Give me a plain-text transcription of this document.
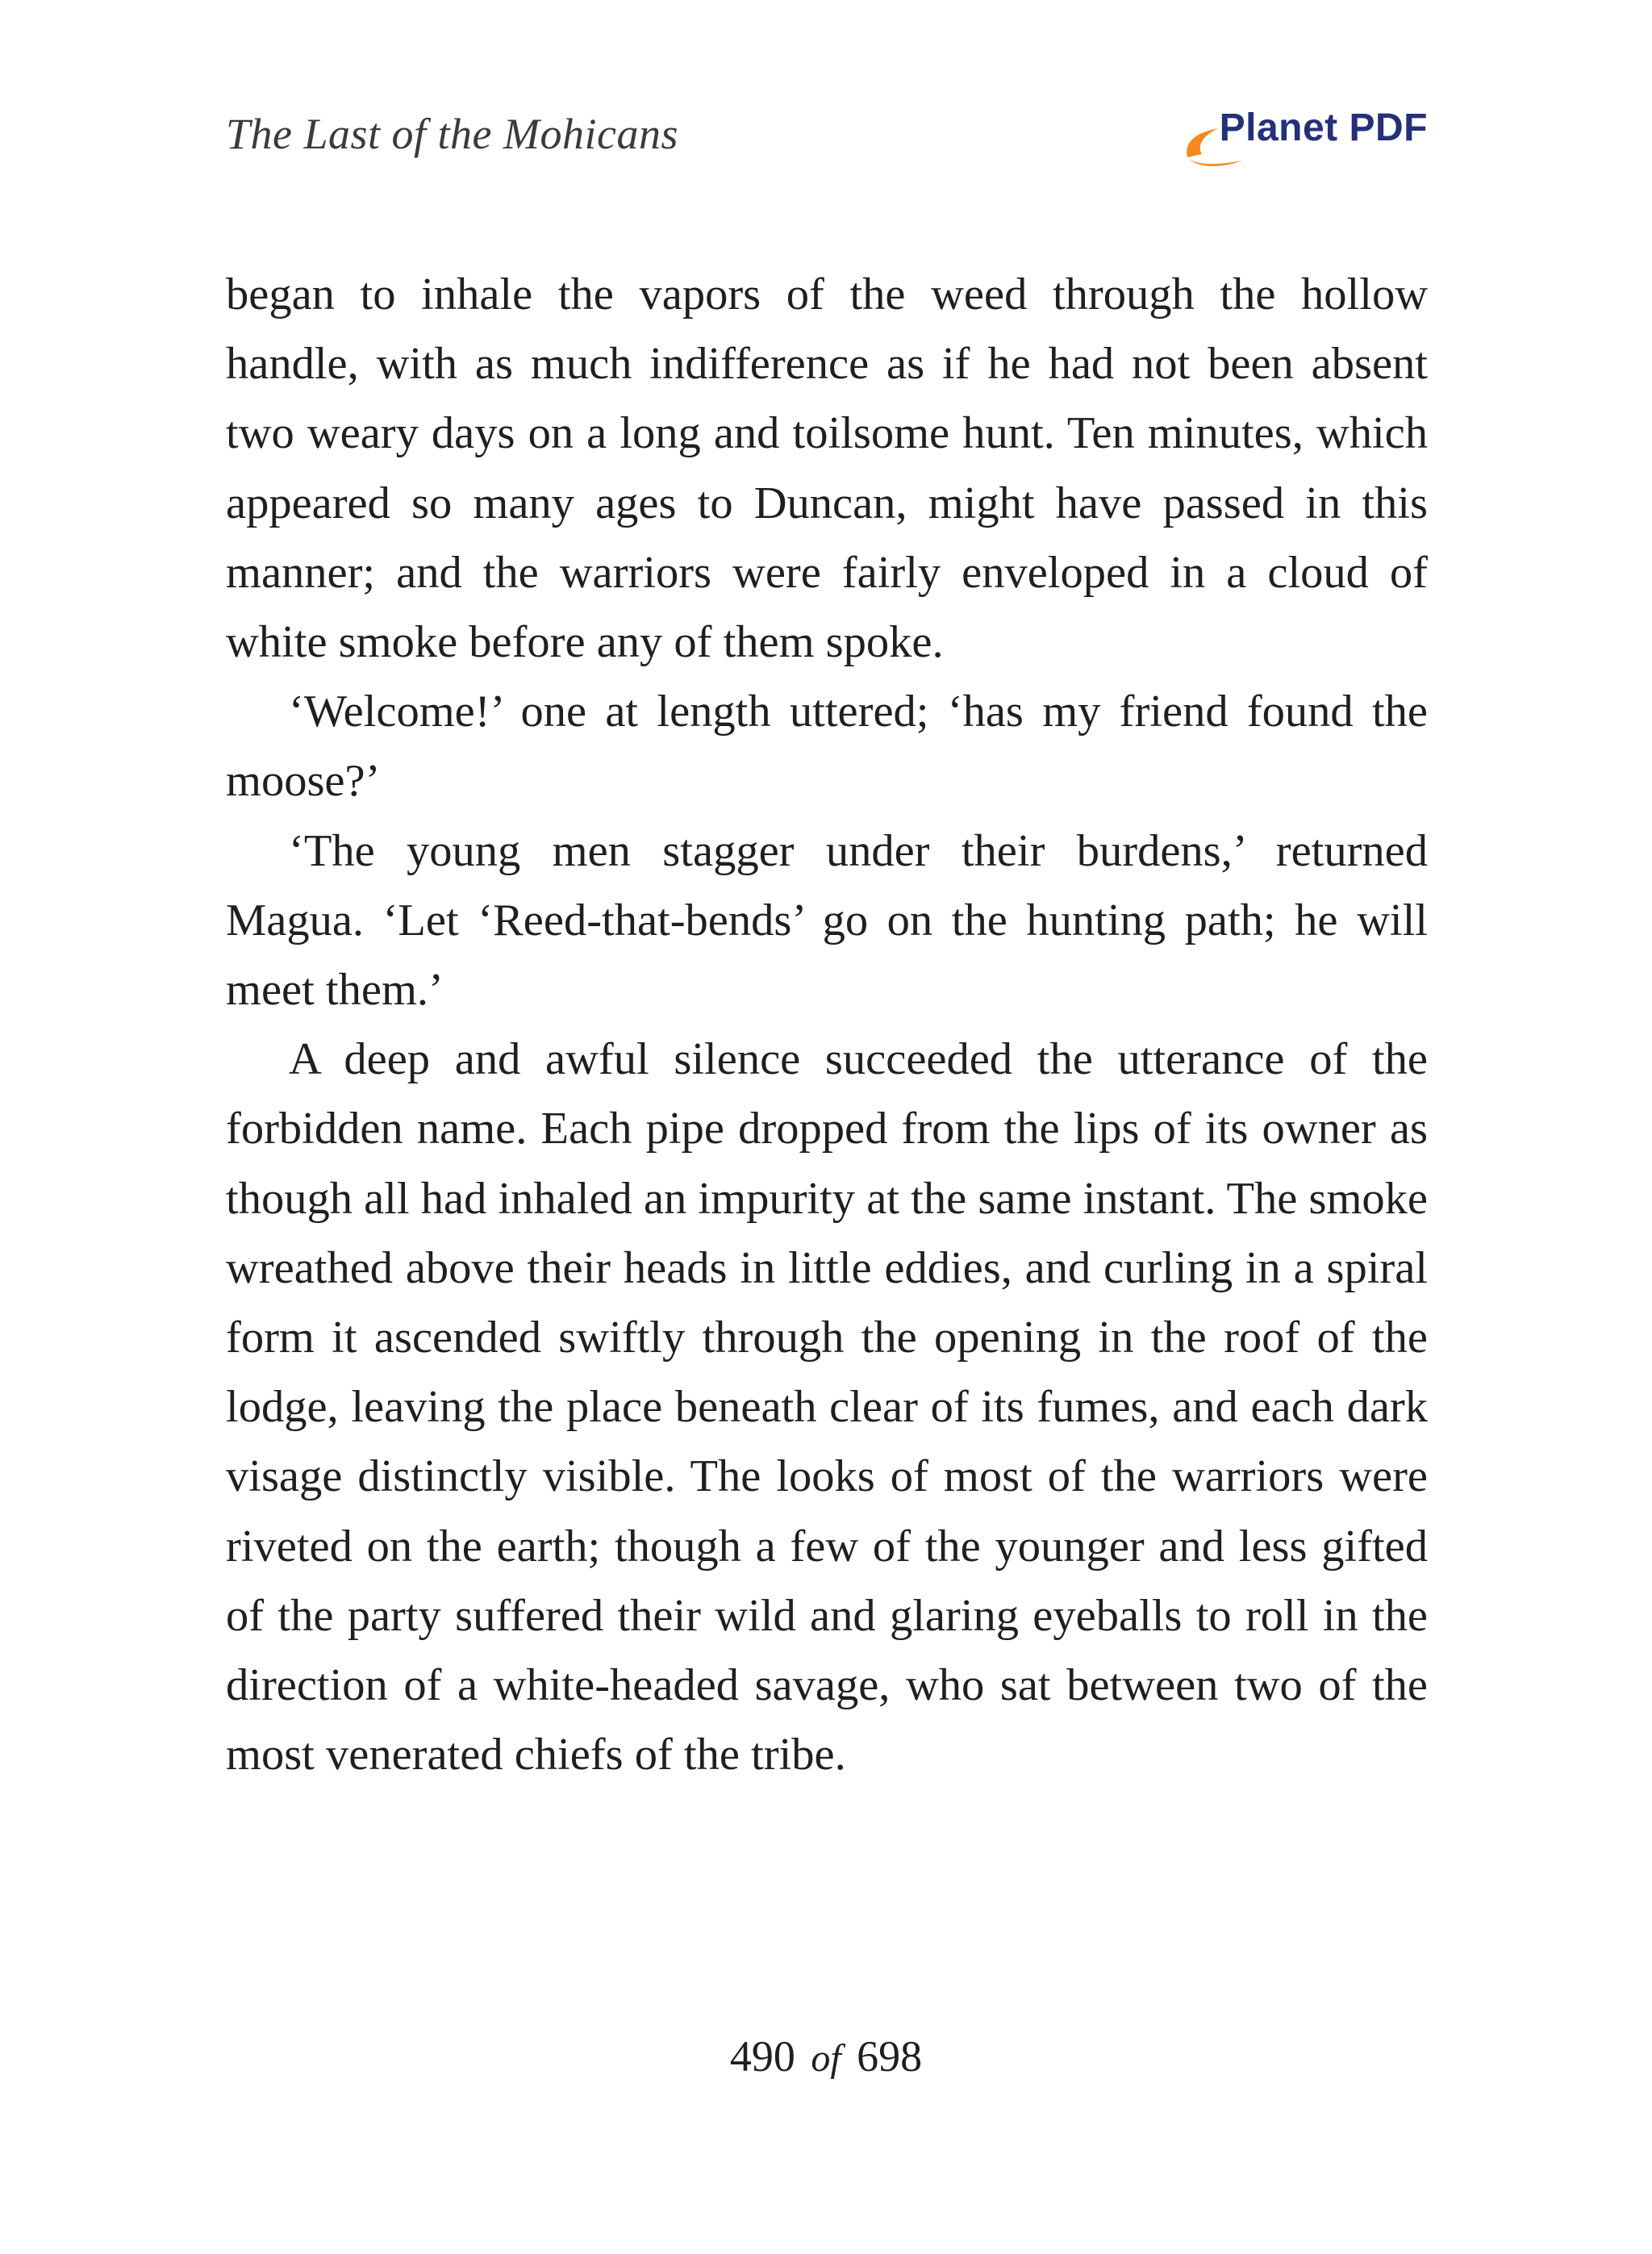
The Last of the Mohicans	Planet PDF

began to inhale the vapors of the weed through the hollow handle, with as much indifference as if he had not been absent two weary days on a long and toilsome hunt. Ten minutes, which appeared so many ages to Duncan, might have passed in this manner; and the warriors were fairly enveloped in a cloud of white smoke before any of them spoke.

‘Welcome!’ one at length uttered; ‘has my friend found the moose?’

‘The young men stagger under their burdens,’ returned Magua. ‘Let ‘Reed-that-bends’ go on the hunting path; he will meet them.’

A deep and awful silence succeeded the utterance of the forbidden name. Each pipe dropped from the lips of its owner as though all had inhaled an impurity at the same instant. The smoke wreathed above their heads in little eddies, and curling in a spiral form it ascended swiftly through the opening in the roof of the lodge, leaving the place beneath clear of its fumes, and each dark visage distinctly visible. The looks of most of the warriors were riveted on the earth; though a few of the younger and less gifted of the party suffered their wild and glaring eyeballs to roll in the direction of a white-headed savage, who sat between two of the most venerated chiefs of the tribe.

490 of 698
